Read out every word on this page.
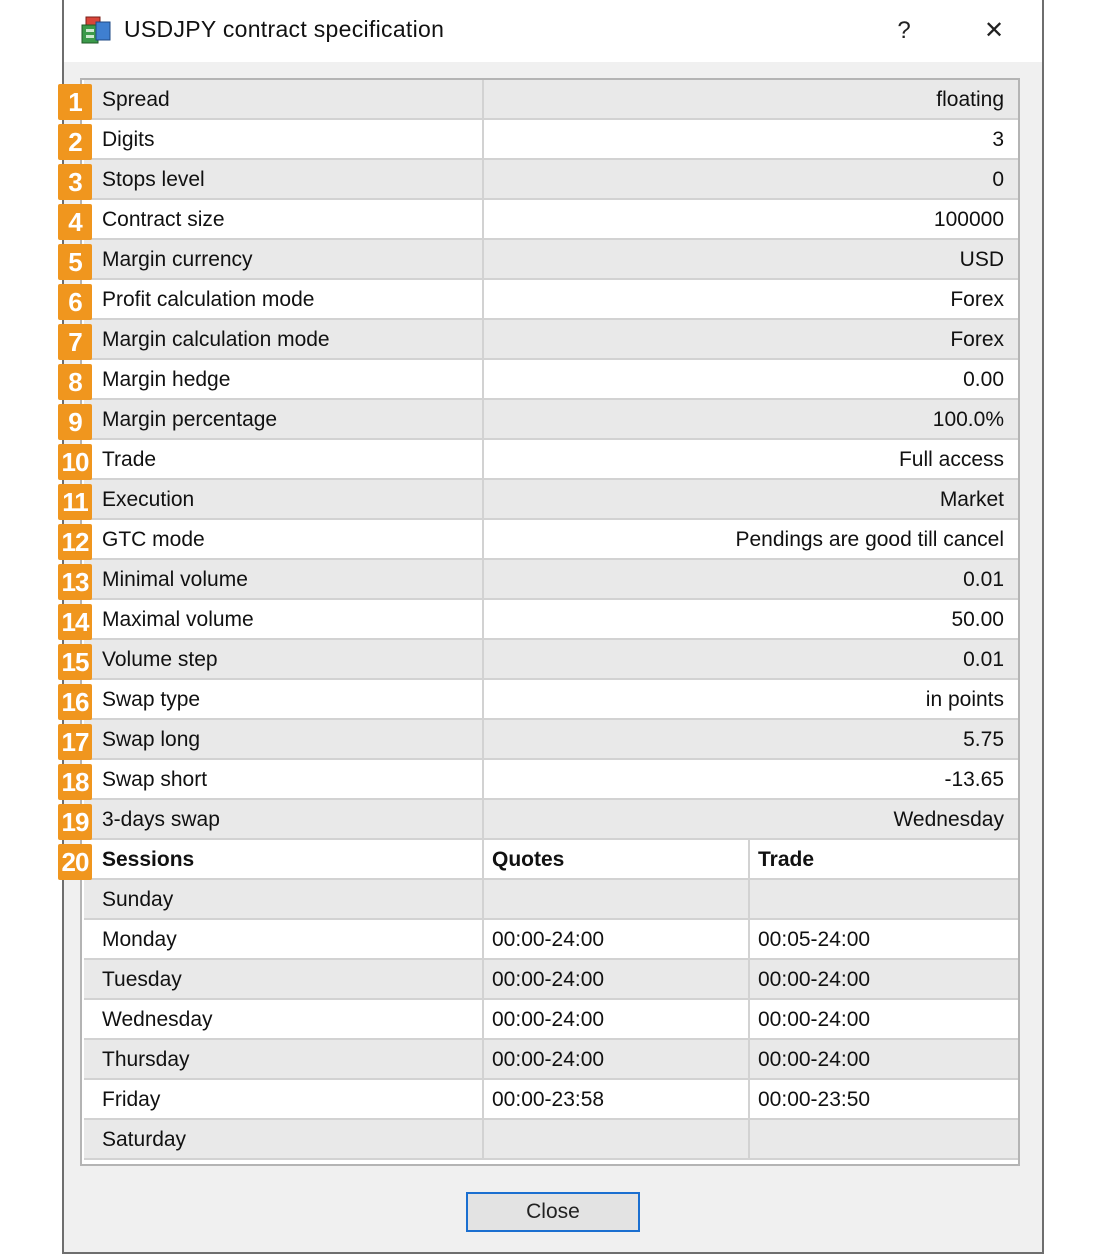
USDJPY contract specification	?	✕
Spread	floating
Digits	3
Stops level	0
Contract size	100000
Margin currency	USD
Profit calculation mode	Forex
Margin calculation mode	Forex
Margin hedge	0.00
Margin percentage	100.0%
Trade	Full access
Execution	Market
GTC mode	Pendings are good till cancel
Minimal volume	0.01
Maximal volume	50.00
Volume step	0.01
Swap type	in points
Swap long	5.75
Swap short	-13.65
3-days swap	Wednesday
Sessions	Quotes	Trade
Sunday
Monday	00:00-24:00	00:05-24:00
Tuesday	00:00-24:00	00:00-24:00
Wednesday	00:00-24:00	00:00-24:00
Thursday	00:00-24:00	00:00-24:00
Friday	00:00-23:58	00:00-23:50
Saturday
Close
1
2
3
4
5
6
7
8
9
10
11
12
13
14
15
16
17
18
19
20
